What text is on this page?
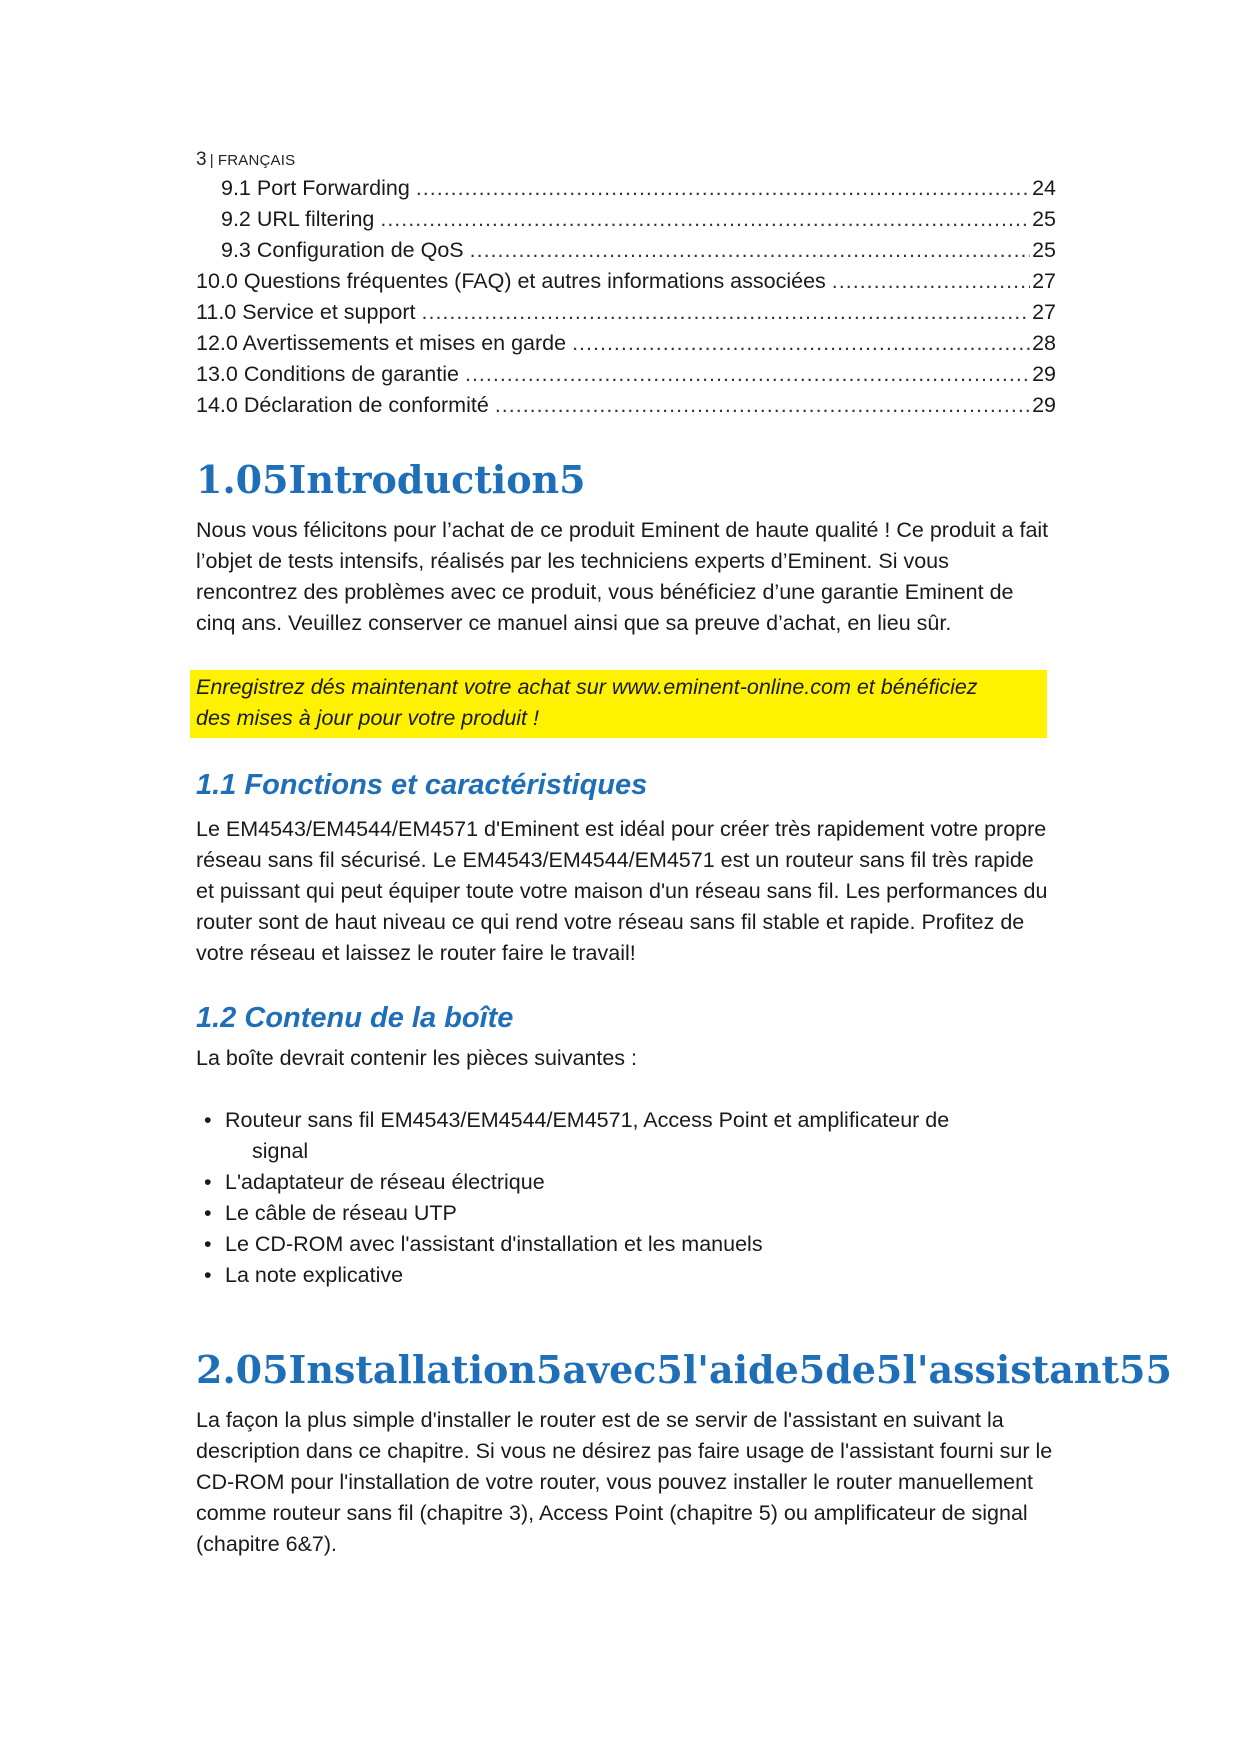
3 | FRANÇAIS
9.1 Port Forwarding .....	24
9.2 URL filtering .....	25
9.3 Configuration de QoS .....	25
10.0 Questions fréquentes (FAQ) et autres informations associées .....	27
11.0 Service et support .....	27
12.0 Avertissements et mises en garde .....	28
13.0 Conditions de garantie .....	29
14.0 Déclaration de conformité .....	29
1.05Introduction5

Nous vous félicitons pour l’achat de ce produit Eminent de haute qualité ! Ce produit a fait l’objet de tests intensifs, réalisés par les techniciens experts d’Eminent. Si vous rencontrez des problèmes avec ce produit, vous bénéficiez d’une garantie Eminent de cinq ans. Veuillez conserver ce manuel ainsi que sa preuve d’achat, en lieu sûr.

Enregistrez dés maintenant votre achat sur www.eminent-online.com et bénéficiez
des mises à jour pour votre produit !
1.1 Fonctions et caractéristiques

Le EM4543/EM4544/EM4571 d'Eminent est idéal pour créer très rapidement votre propre réseau sans fil sécurisé. Le EM4543/EM4544/EM4571 est un routeur sans fil très rapide et puissant qui peut équiper toute votre maison d'un réseau sans fil. Les performances du router sont de haut niveau ce qui rend votre réseau sans fil stable et rapide. Profitez de votre réseau et laissez le router faire le travail!

1.2 Contenu de la boîte

La boîte devrait contenir les pièces suivantes :

• Routeur sans fil EM4543/EM4544/EM4571, Access Point et amplificateur de
signal
• L'adaptateur de réseau électrique
• Le câble de réseau UTP
• Le CD-ROM avec l'assistant d'installation et les manuels
• La note explicative
2.05Installation5avec5l'aide5de5l'assistant55

La façon la plus simple d'installer le router est de se servir de l'assistant en suivant la description dans ce chapitre. Si vous ne désirez pas faire usage de l'assistant fourni sur le CD-ROM pour l'installation de votre router, vous pouvez installer le router manuellement comme routeur sans fil (chapitre 3), Access Point (chapitre 5) ou amplificateur de signal (chapitre 6&7).
